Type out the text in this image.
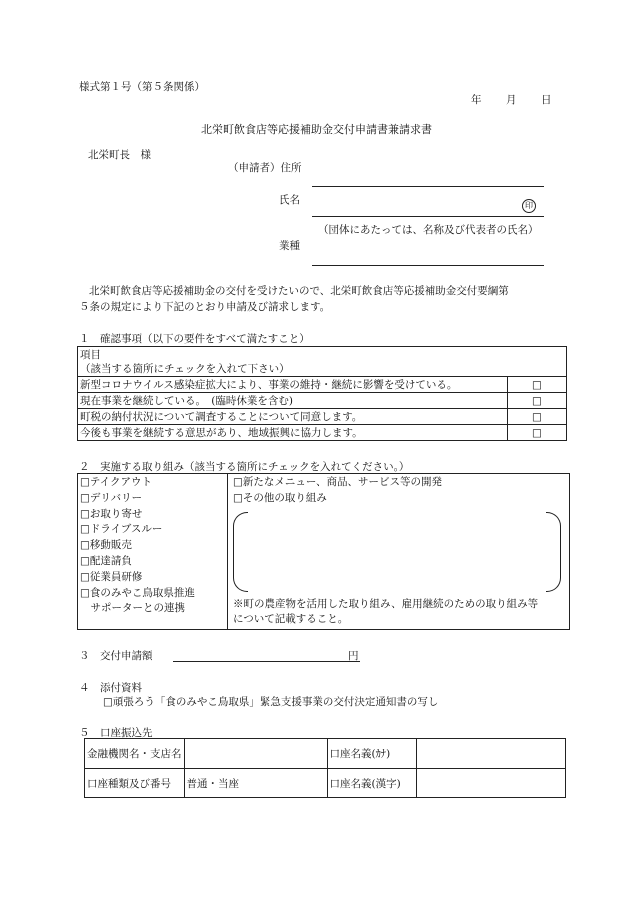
様式第１号（第５条関係）
年 月 日
北栄町飲食店等応援補助金交付申請書兼請求書
北栄町長　様
（申請者）住所
氏名	印
（団体にあたっては、名称及び代表者の氏名）
業種
北栄町飲食店等応援補助金の交付を受けたいので、北栄町飲食店等応援補助金交付要綱第
５条の規定により下記のとおり申請及び請求します。
１　確認事項（以下の要件をすべて満たすこと）
項目
（該当する箇所にチェックを入れて下さい）	

新型コロナウイルス感染症拡大により、事業の維持・継続に影響を受けている。	□
現在事業を継続している。　(臨時休業を含む)	□
町税の納付状況について調査することについて同意します。	□
今後も事業を継続する意思があり、地域振興に協力します。	□
２　実施する取り組み（該当する箇所にチェックを入れてください。）
□テイクアウト
□デリバリー
□お取り寄せ
□ドライブスルー
□移動販売
□配達請負
□従業員研修
□食のみやこ鳥取県推進
　サポーターとの連携

□新たなメニュー、商品、サービス等の開発
□その他の取り組み
※町の農産物を活用した取り組み、雇用継続のための取り組み等
について記載すること。
３　交付申請額	円
４　添付資料
□頑張ろう「食のみやこ鳥取県」緊急支援事業の交付決定通知書の写し
５　口座振込先
金融機関名・支店名		口座名義(ｶﾅ)	
口座種類及び番号	普通・当座	口座名義(漢字)	
